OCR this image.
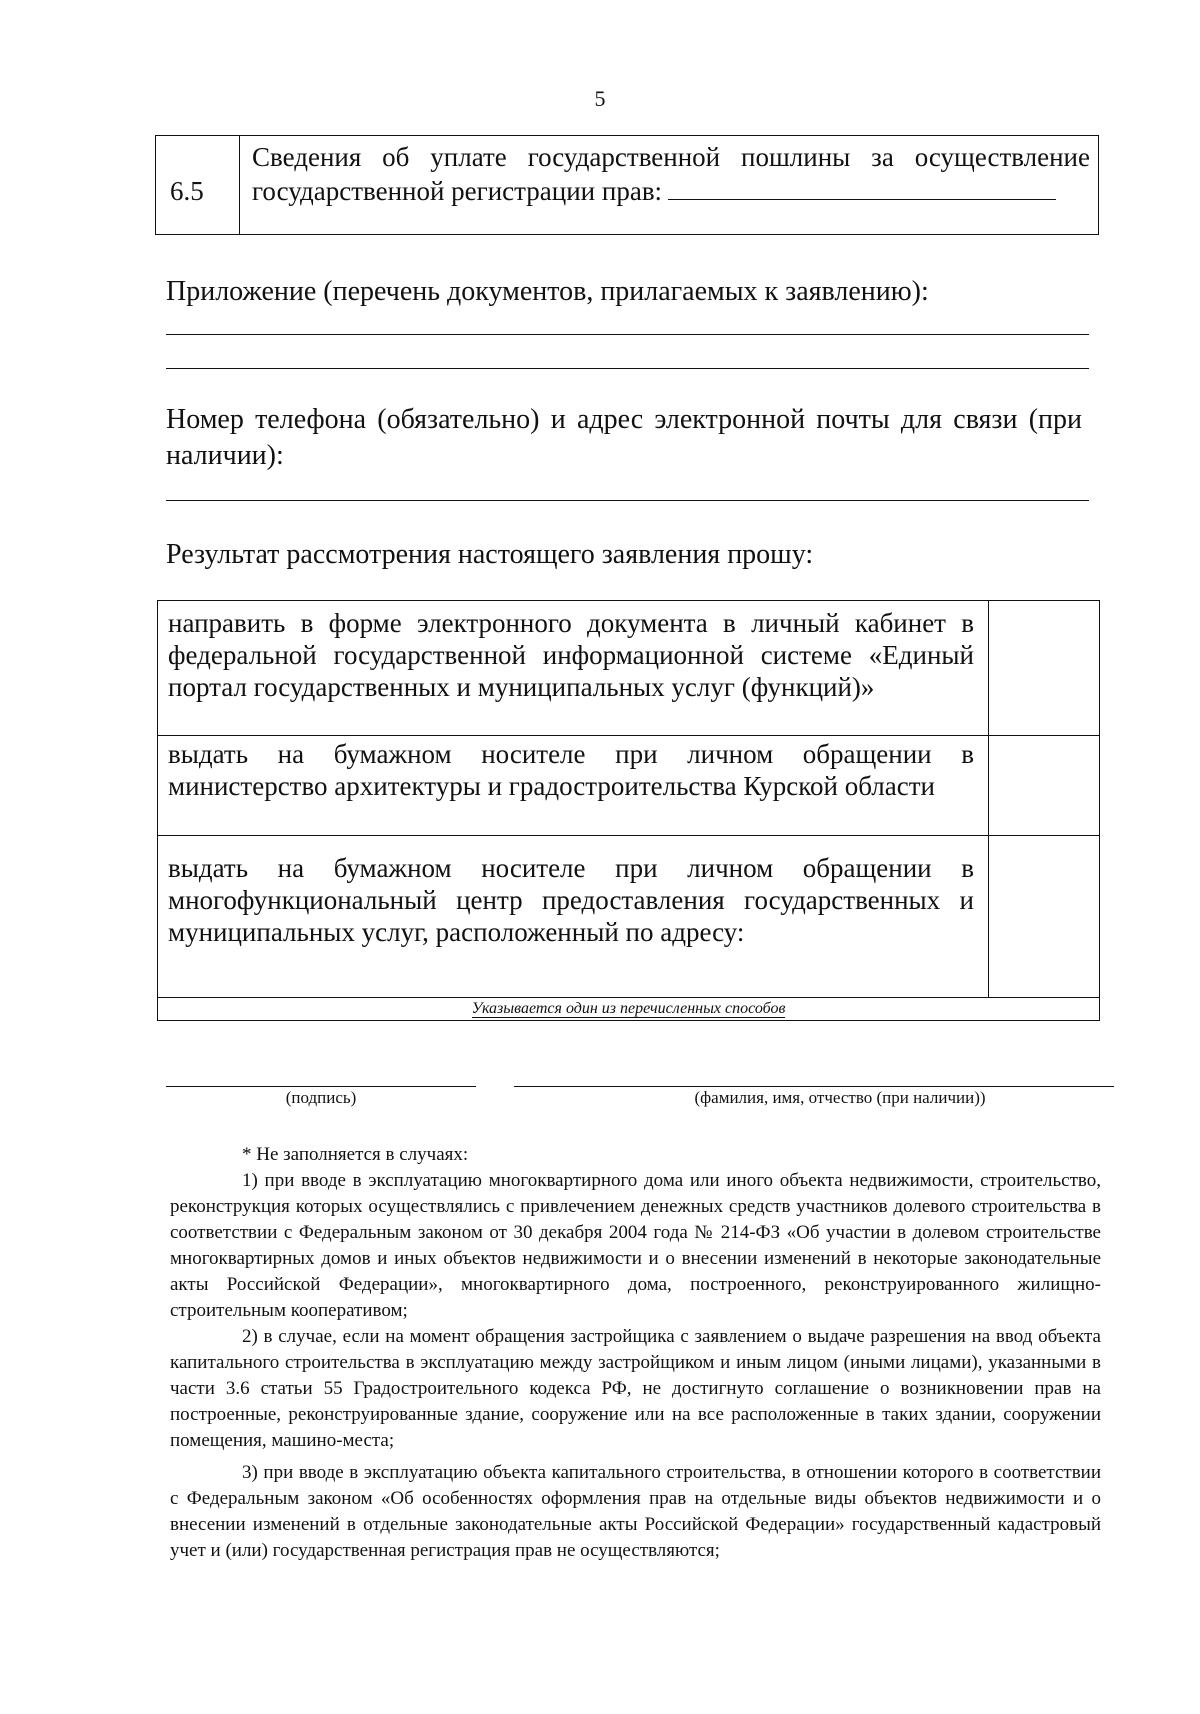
5
6.5
Сведения об уплате государственной пошлины за осуществление государственной регистрации прав:
Приложение (перечень документов, прилагаемых к заявлению):
Номер телефона (обязательно) и адрес электронной почты для связи (при наличии):
Результат рассмотрения настоящего заявления прошу:
направить в форме электронного документа в личный кабинет в федеральной государственной информационной системе «Единый портал государственных и муниципальных услуг (функций)»
выдать на бумажном носителе при личном обращении в министерство архитектуры и градостроительства Курской области
выдать на бумажном носителе при личном обращении в многофункциональный центр предоставления государственных и муниципальных услуг, расположенный по адресу:
Указывается один из перечисленных способов
(подпись)	(фамилия, имя, отчество (при наличии))

* Не заполняется в случаях:

1) при вводе в эксплуатацию многоквартирного дома или иного объекта недвижимости, строительство, реконструкция которых осуществлялись с привлечением денежных средств участников долевого строительства в соответствии с Федеральным законом от 30 декабря 2004 года № 214-ФЗ «Об участии в долевом строительстве многоквартирных домов и иных объектов недвижимости и о внесении изменений в некоторые законодательные акты Российской Федерации», многоквартирного дома, построенного, реконструированного жилищно-строительным кооперативом;

2) в случае, если на момент обращения застройщика с заявлением о выдаче разрешения на ввод объекта капитального строительства в эксплуатацию между застройщиком и иным лицом (иными лицами), указанными в части 3.6 статьи 55 Градостроительного кодекса РФ, не достигнуто соглашение о возникновении прав на построенные, реконструированные здание, сооружение или на все расположенные в таких здании, сооружении помещения, машино-места;

3) при вводе в эксплуатацию объекта капитального строительства, в отношении которого в соответствии с Федеральным законом «Об особенностях оформления прав на отдельные виды объектов недвижимости и о внесении изменений в отдельные законодательные акты Российской Федерации» государственный кадастровый учет и (или) государственная регистрация прав не осуществляются;
